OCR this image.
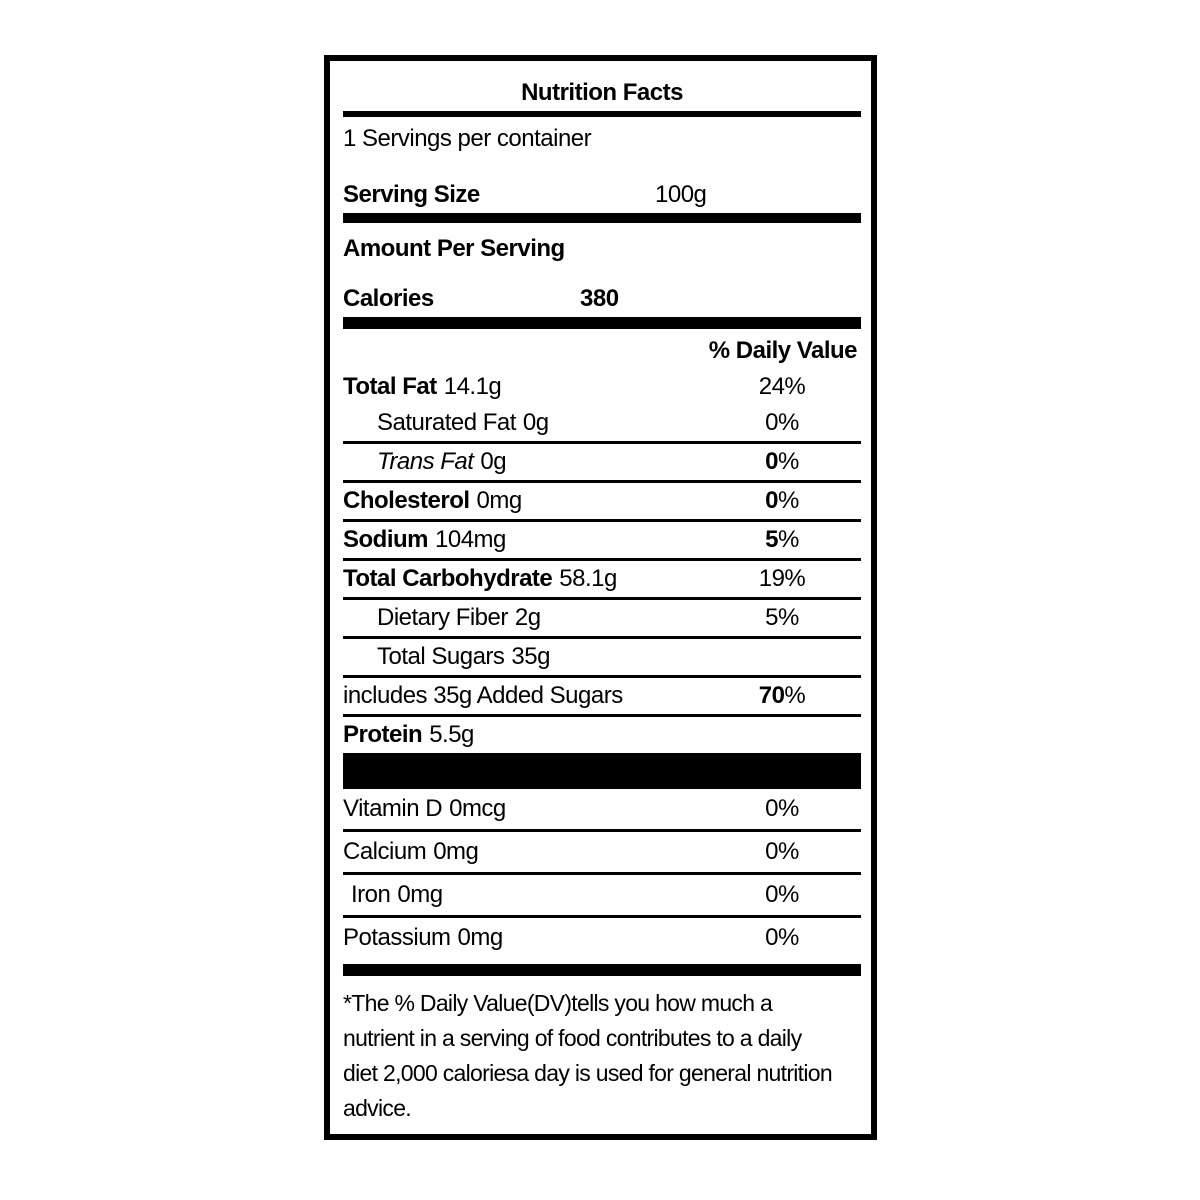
Nutrition Facts
1 Servings per container
Serving Size	100g
Amount Per Serving
Calories	380
% Daily Value
Total Fat 14.1g	24%
Saturated Fat 0g	0%
Trans Fat 0g	0%
Cholesterol 0mg	0%
Sodium 104mg	5%
Total Carbohydrate 58.1g	19%
Dietary Fiber 2g	5%
Total Sugars 35g
includes 35g Added Sugars	70%
Protein 5.5g
Vitamin D 0mcg	0%
Calcium 0mg	0%
Iron 0mg	0%
Potassium 0mg	0%
*The % Daily Value(DV)tells you how much a
nutrient in a serving of food contributes to a daily
diet 2,000 caloriesa day is used for general nutrition
advice.
